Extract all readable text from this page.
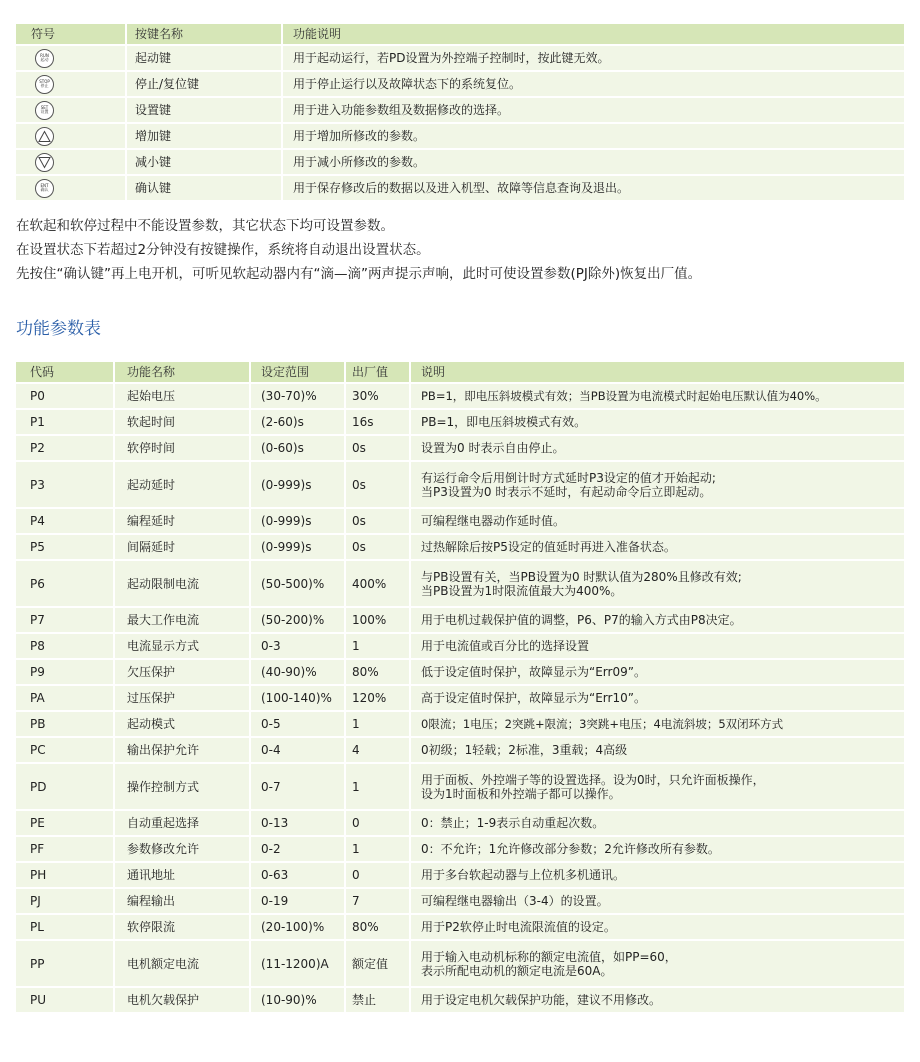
符号	按键名称	功能说明
RUN
起动	起动键	用于起动运行，若PD设置为外控端子控制时，按此键无效。
STOP
停止	停止/复位键	用于停止运行以及故障状态下的系统复位。
SET
设置	设置键	用于进入功能参数组及数据修改的选择。

	增加键	用于增加所修改的参数。

	减小键	用于减小所修改的参数。
ENT
确认	确认键	用于保存修改后的数据以及进入机型、故障等信息查询及退出。
在软起和软停过程中不能设置参数，其它状态下均可设置参数。
在设置状态下若超过2分钟没有按键操作，系统将自动退出设置状态。
先按住“确认键”再上电开机，可听见软起动器内有“滴—滴”两声提示声响，此时可使设置参数(PJ除外)恢复出厂值。
功能参数表
代码	功能名称	设定范围	出厂值	说明
P0	起始电压	(30-70)%	30%	PB=1，即电压斜坡模式有效；当PB设置为电流模式时起始电压默认值为40%。
P1	软起时间	(2-60)s	16s	PB=1，即电压斜坡模式有效。
P2	软停时间	(0-60)s	0s	设置为0 时表示自由停止。
P3	起动延时	(0-999)s	0s	有运行命令后用倒计时方式延时P3设定的值才开始起动;
当P3设置为0 时表示不延时，有起动命令后立即起动。
P4	编程延时	(0-999)s	0s	可编程继电器动作延时值。
P5	间隔延时	(0-999)s	0s	过热解除后按P5设定的值延时再进入准备状态。
P6	起动限制电流	(50-500)%	400%	与PB设置有关，当PB设置为0 时默认值为280%且修改有效;
当PB设置为1时限流值最大为400%。
P7	最大工作电流	(50-200)%	100%	用于电机过载保护值的调整，P6、P7的输入方式由P8决定。
P8	电流显示方式	0-3	1	用于电流值或百分比的选择设置
P9	欠压保护	(40-90)%	80%	低于设定值时保护，故障显示为“Err09”。
PA	过压保护	(100-140)%	120%	高于设定值时保护，故障显示为“Err10”。
PB	起动模式	0-5	1	0限流；1电压；2突跳+限流；3突跳+电压；4电流斜坡；5双闭环方式
PC	输出保护允许	0-4	4	0初级；1轻载；2标准，3重载；4高级
PD	操作控制方式	0-7	1	用于面板、外控端子等的设置选择。设为0时，只允许面板操作，
设为1时面板和外控端子都可以操作。
PE	自动重起选择	0-13	0	0：禁止；1-9表示自动重起次数。
PF	参数修改允许	0-2	1	0：不允许；1允许修改部分参数；2允许修改所有参数。
PH	通讯地址	0-63	0	用于多台软起动器与上位机多机通讯。
PJ	编程输出	0-19	7	可编程继电器输出（3-4）的设置。
PL	软停限流	(20-100)%	80%	用于P2软停止时电流限流值的设定。
PP	电机额定电流	(11-1200)A	额定值	用于输入电动机标称的额定电流值，如PP=60，
表示所配电动机的额定电流是60A。
PU	电机欠载保护	(10-90)%	禁止	用于设定电机欠载保护功能，建议不用修改。
